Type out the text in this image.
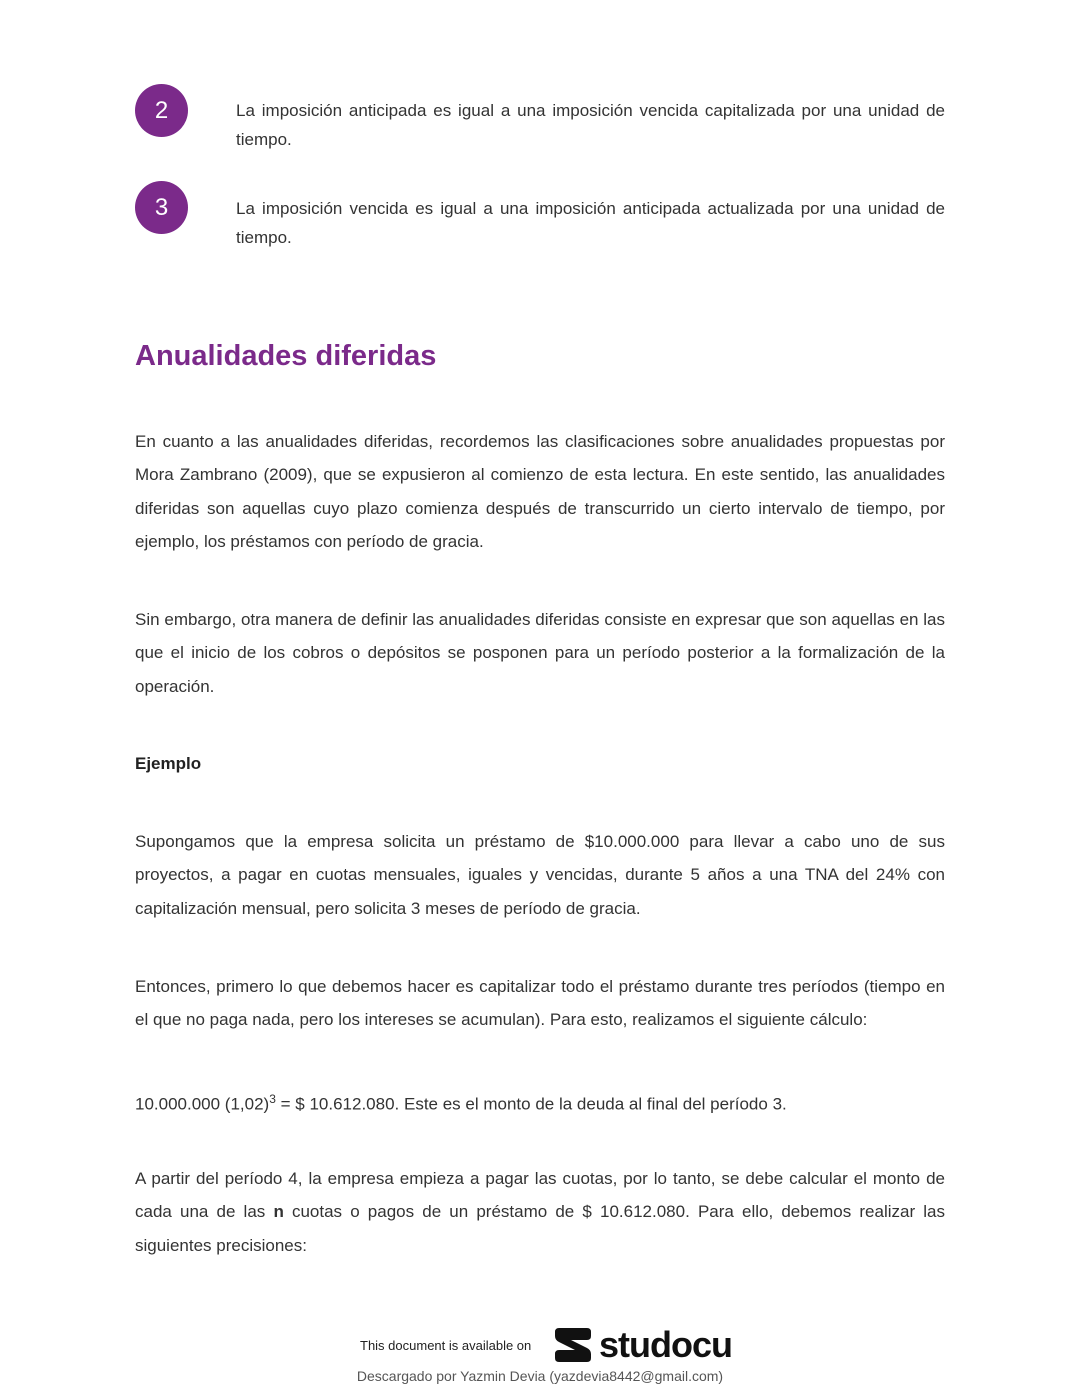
2	La imposición anticipada es igual a una imposición vencida capitalizada por una unidad de tiempo.
3	La imposición vencida es igual a una imposición anticipada actualizada por una unidad de tiempo.
Anualidades diferidas

En cuanto a las anualidades diferidas, recordemos las clasificaciones sobre anualidades propuestas por Mora Zambrano (2009), que se expusieron al comienzo de esta lectura. En este sentido, las anualidades diferidas son aquellas cuyo plazo comienza después de transcurrido un cierto intervalo de tiempo, por ejemplo, los préstamos con período de gracia.

Sin embargo, otra manera de definir las anualidades diferidas consiste en expresar que son aquellas en las que el inicio de los cobros o depósitos se posponen para un período posterior a la formalización de la operación.

Ejemplo

Supongamos que la empresa solicita un préstamo de $10.000.000 para llevar a cabo uno de sus proyectos, a pagar en cuotas mensuales, iguales y vencidas, durante 5 años a una TNA del 24% con capitalización mensual, pero solicita 3 meses de período de gracia.

Entonces, primero lo que debemos hacer es capitalizar todo el préstamo durante tres períodos (tiempo en el que no paga nada, pero los intereses se acumulan). Para esto, realizamos el siguiente cálculo:

10.000.000 $(1,02)^3$ = $ 10.612.080. Este es el monto de la deuda al final del período 3.

A partir del período 4, la empresa empieza a pagar las cuotas, por lo tanto, se debe calcular el monto de cada una de las n cuotas o pagos de un préstamo de $ 10.612.080. Para ello, debemos realizar las siguientes precisiones:

This document is available on studocu
Descargado por Yazmin Devia (yazdevia8442@gmail.com)
